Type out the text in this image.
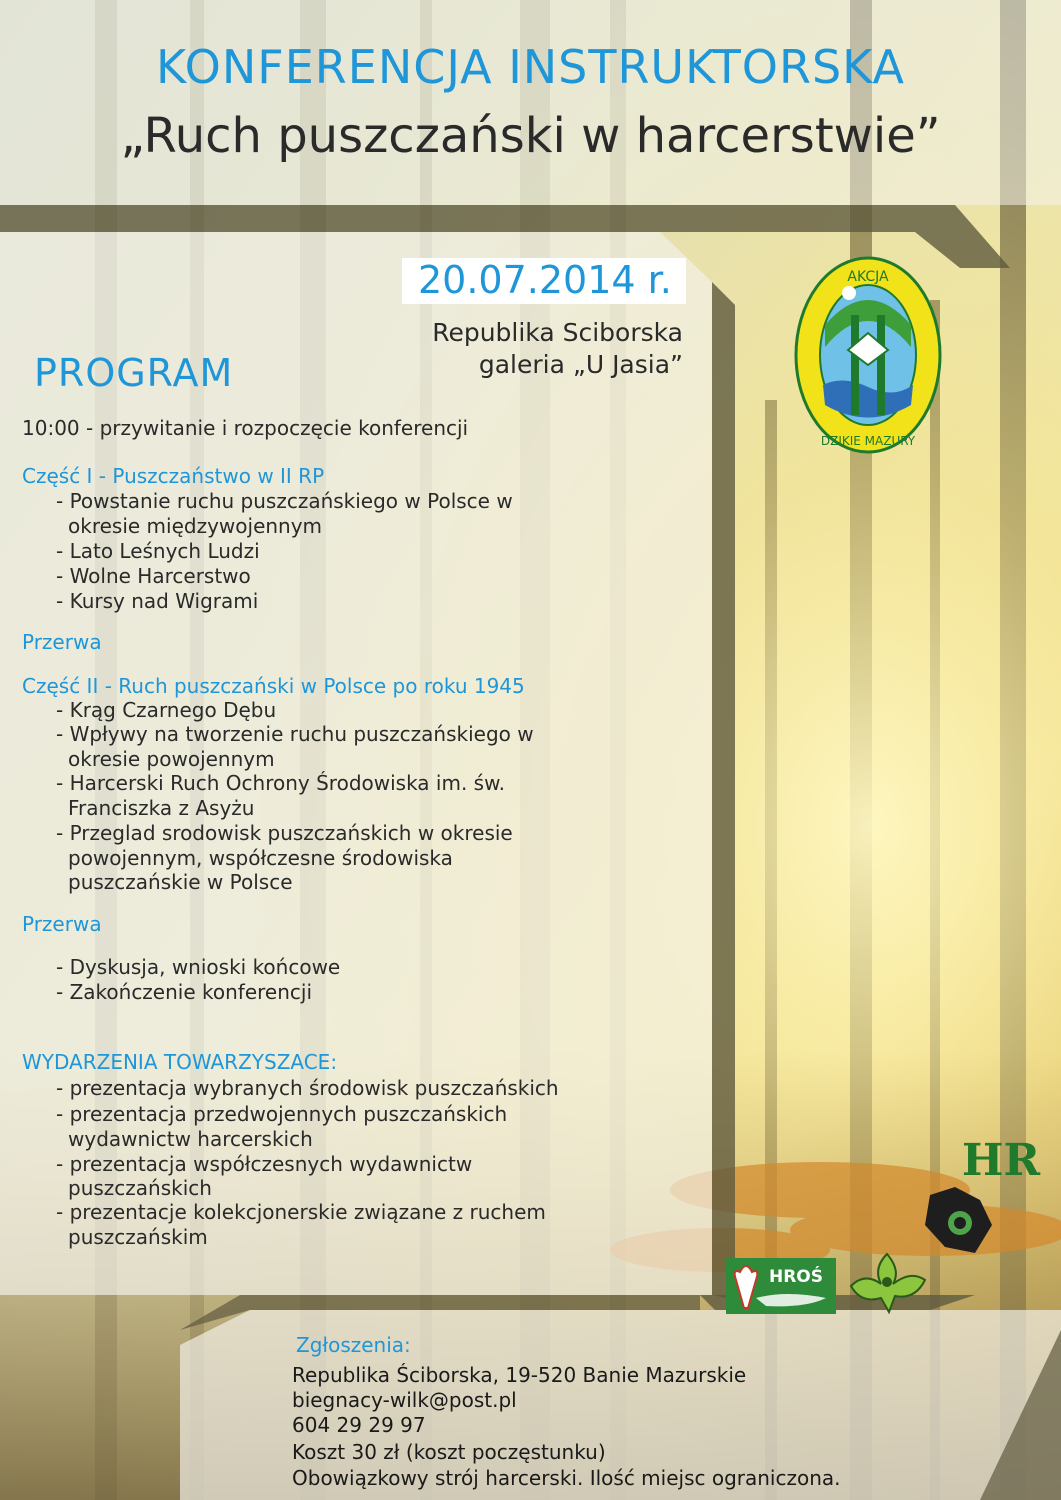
KONFERENCJA INSTRUKTORSKA
„Ruch puszczański w harcerstwie”
20.07.2014 r.
Republika Sciborska
galeria „U Jasia”
PROGRAM
10:00 - przywitanie i rozpoczęcie konferencji
Część I - Puszczaństwo w II RP
- Powstanie ruchu puszczańskiego w Polsce w
okresie międzywojennym
- Lato Leśnych Ludzi
- Wolne Harcerstwo
- Kursy nad Wigrami
Przerwa
Część II - Ruch puszczański w Polsce po roku 1945
- Krąg Czarnego Dębu
- Wpływy na tworzenie ruchu puszczańskiego w
okresie powojennym
- Harcerski Ruch Ochrony Środowiska im. św.
Franciszka z Asyżu
- Przeglad srodowisk puszczańskich w okresie
powojennym, współczesne środowiska
puszczańskie w Polsce
Przerwa
- Dyskusja, wnioski końcowe
- Zakończenie konferencji
WYDARZENIA TOWARZYSZACE:
- prezentacja wybranych środowisk puszczańskich
- prezentacja przedwojennych puszczańskich
wydawnictw harcerskich
- prezentacja współczesnych wydawnictw
puszczańskich
- prezentacje kolekcjonerskie związane z ruchem
puszczańskim
Zgłoszenia:
Republika Ściborska, 19-520 Banie Mazurskie
biegnacy-wilk@post.pl
604 29 29 97
Koszt 30 zł (koszt poczęstunku)
Obowiązkowy strój harcerski. Ilość miejsc ograniczona.
AKCJA
DZIKIE MAZURY
HR
HROŚ
